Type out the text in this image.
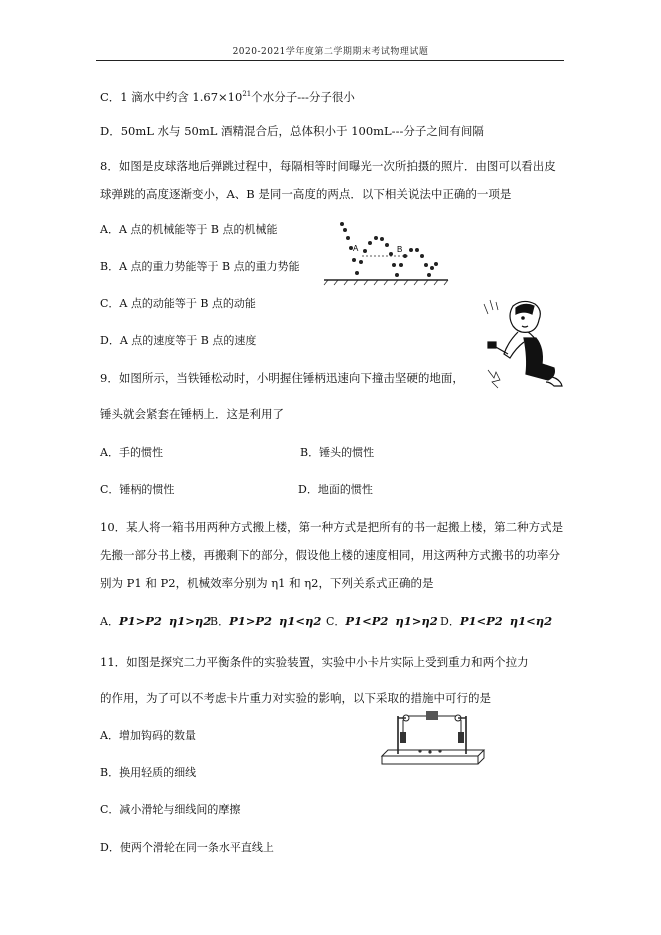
2020-2021学年度第二学期期末考试物理试题
C．1 滴水中约含 $1.67\times 10^{21}$个水分子---分子很小
D．50mL 水与 50mL 酒精混合后，总体积小于 100mL---分子之间有间隔
8．如图是皮球落地后弹跳过程中，每隔相等时间曝光一次所拍摄的照片．由图可以看出皮
球弹跳的高度逐渐变小，A、B 是同一高度的两点．以下相关说法中正确的一项是
A．A 点的机械能等于 B 点的机械能
B．A 点的重力势能等于 B 点的重力势能
C．A 点的动能等于 B 点的动能
D．A 点的速度等于 B 点的速度
A	B
9．如图所示，当铁锤松动时，小明握住锤柄迅速向下撞击坚硬的地面，
锤头就会紧套在锤柄上．这是利用了
A．手的惯性	B．锤头的惯性
C．锤柄的惯性	D．地面的惯性
10．某人将一箱书用两种方式搬上楼，第一种方式是把所有的书一起搬上楼，第二种方式是
先搬一部分书上楼，再搬剩下的部分，假设他上楼的速度相同，用这两种方式搬书的功率分
别为 P1 和 P2，机械效率分别为 η1 和 η2，下列关系式正确的是
A．P1>P2 η1>η2
B．P1>P2 η1<η2 C．P1<P2 η1>η2 D．P1<P2 η1<η2
11．如图是探究二力平衡条件的实验装置，实验中小卡片实际上受到重力和两个拉力
的作用，为了可以不考虑卡片重力对实验的影响，以下采取的措施中可行的是
A．增加钩码的数量
B．换用轻质的细线
C．减小滑轮与细线间的摩擦
D．使两个滑轮在同一条水平直线上
